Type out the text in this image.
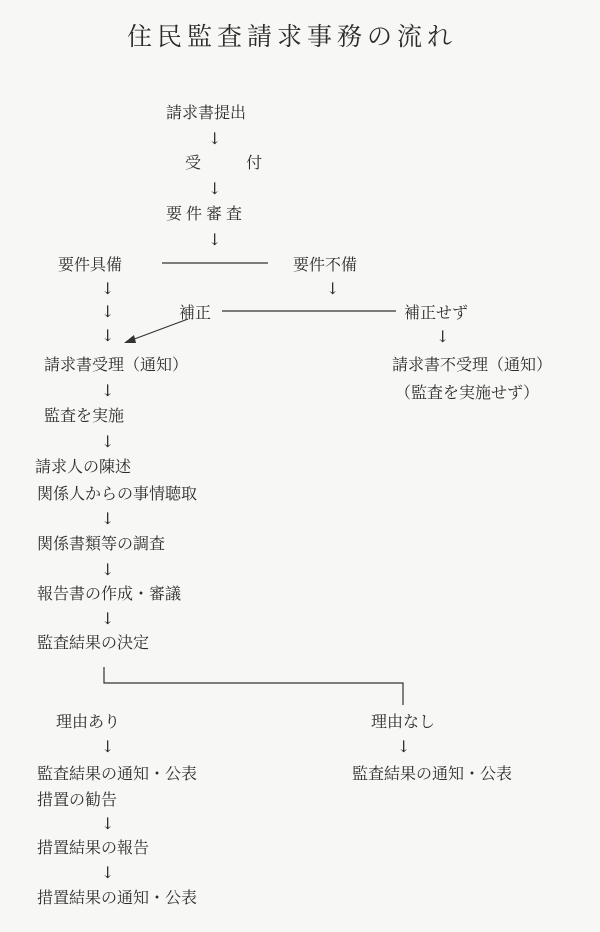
住民監査請求事務の流れ
請求書提出
↓
受 付
↓
要件審査
↓
要件具備	要件不備
↓	↓
↓	補正	補正せず
↓	↓
請求書受理（通知）	請求書不受理（通知）
（監査を実施せず）
↓
監査を実施
↓
請求人の陳述
関係人からの事情聴取
↓
関係書類等の調査
↓
報告書の作成・審議
↓
監査結果の決定
理由あり	理由なし
↓	↓
監査結果の通知・公表	監査結果の通知・公表
措置の勧告
↓
措置結果の報告
↓
措置結果の通知・公表
